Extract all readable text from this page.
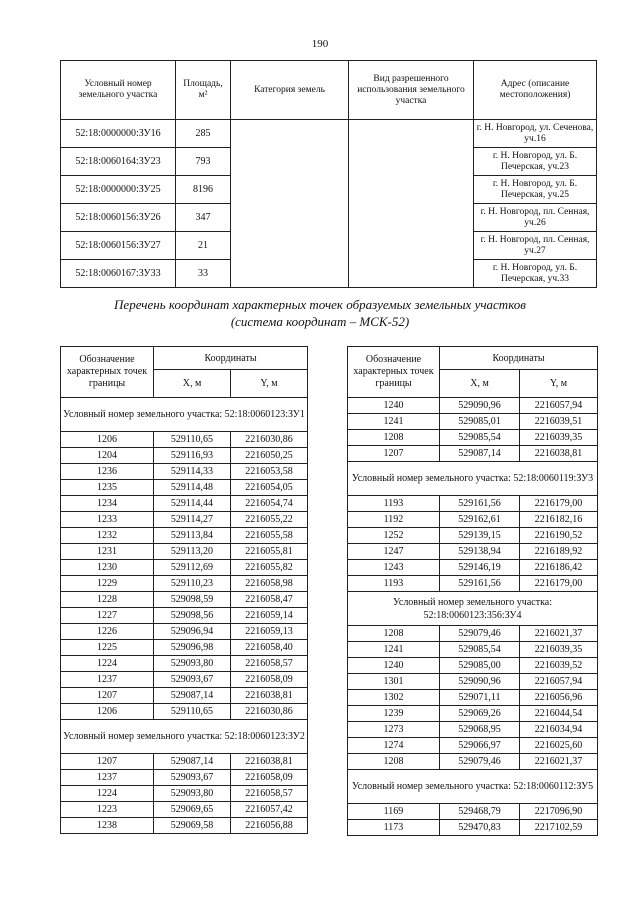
190
Условный номер земельного участка	Площадь, м²	Категория земель	Вид разрешенного использования земельного участка	Адрес (описание местоположения)
52:18:0000000:ЗУ16	285			г. Н. Новгород, ул. Сеченова, уч.16
52:18:0060164:ЗУ23	793			г. Н. Новгород, ул. Б. Печерская, уч.23
52:18:0000000:ЗУ25	8196			г. Н. Новгород, ул. Б. Печерская, уч.25
52:18:0060156:ЗУ26	347			г. Н. Новгород, пл. Сенная, уч.26
52:18:0060156:ЗУ27	21			г. Н. Новгород, пл. Сенная, уч.27
52:18:0060167:ЗУ33	33			г. Н. Новгород, ул. Б. Печерская, уч.33
Перечень координат характерных точек образуемых земельных участков
(система координат – МСК-52)
Обозначение характерных точек границы	Координаты	
	X, м	Y, м
Условный номер земельного участка: 52:18:0060123:ЗУ1		
1206	529110,65	2216030,86
1204	529116,93	2216050,25
1236	529114,33	2216053,58
1235	529114,48	2216054,05
1234	529114,44	2216054,74
1233	529114,27	2216055,22
1232	529113,84	2216055,58
1231	529113,20	2216055,81
1230	529112,69	2216055,82
1229	529110,23	2216058,98
1228	529098,59	2216058,47
1227	529098,56	2216059,14
1226	529096,94	2216059,13
1225	529096,98	2216058,40
1224	529093,80	2216058,57
1237	529093,67	2216058,09
1207	529087,14	2216038,81
1206	529110,65	2216030,86
Условный номер земельного участка: 52:18:0060123:ЗУ2		
1207	529087,14	2216038,81
1237	529093,67	2216058,09
1224	529093,80	2216058,57
1223	529069,65	2216057,42
1238	529069,58	2216056,88
Обозначение характерных точек границы	Координаты	
	X, м	Y, м
1240	529090,96	2216057,94
1241	529085,01	2216039,51
1208	529085,54	2216039,35
1207	529087,14	2216038,81
Условный номер земельного участка: 52:18:0060119:ЗУ3		
1193	529161,56	2216179,00
1192	529162,61	2216182,16
1252	529139,15	2216190,52
1247	529138,94	2216189,92
1243	529146,19	2216186,42
1193	529161,56	2216179,00
Условный номер земельного участка: 52:18:0060123:356:ЗУ4		
1208	529079,46	2216021,37
1241	529085,54	2216039,35
1240	529085,00	2216039,52
1301	529090,96	2216057,94
1302	529071,11	2216056,96
1239	529069,26	2216044,54
1273	529068,95	2216034,94
1274	529066,97	2216025,60
1208	529079,46	2216021,37
Условный номер земельного участка: 52:18:0060112:ЗУ5		
1169	529468,79	2217096,90
1173	529470,83	2217102,59
